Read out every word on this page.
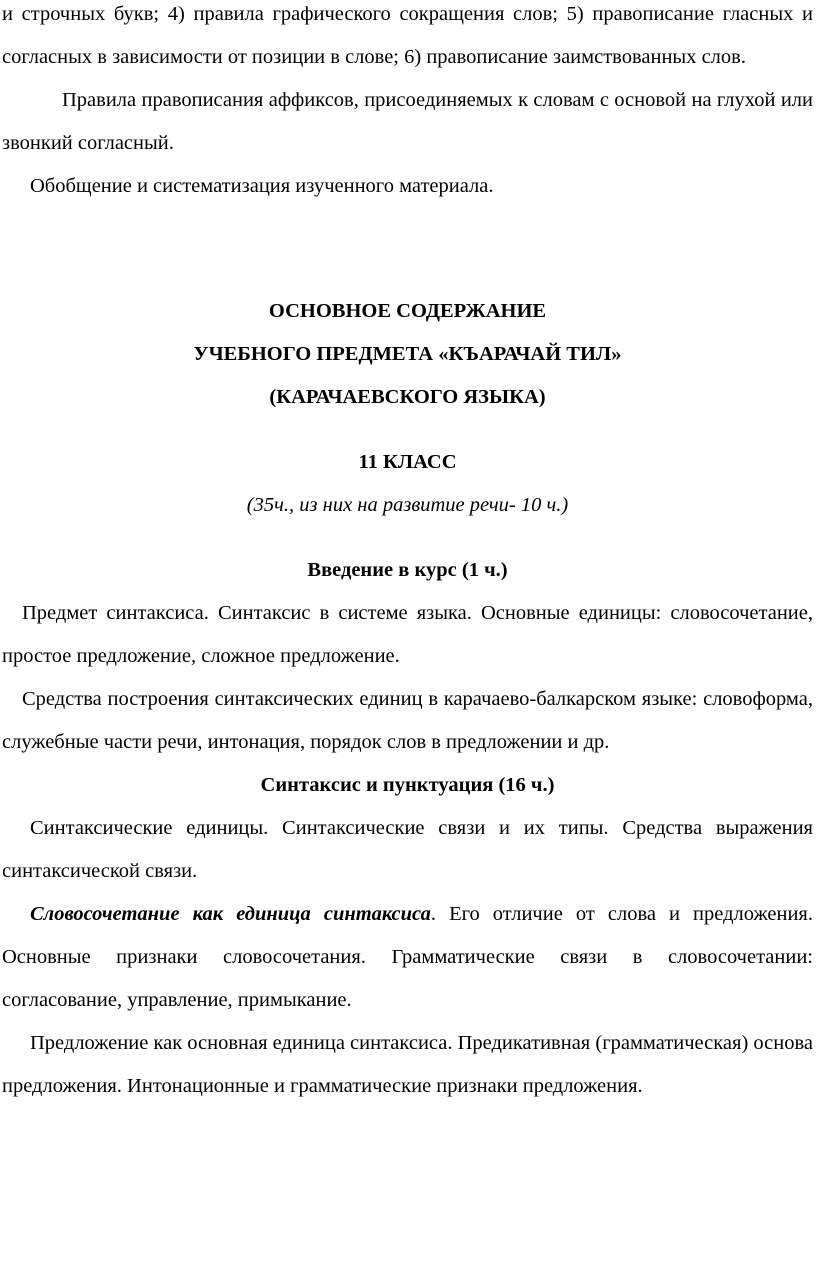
и строчных букв; 4) правила графического сокращения слов; 5) правописание гласных и согласных в зависимости от позиции в слове; 6) правописание заимствованных слов.

Правила правописания аффиксов, присоединяемых к словам с основой на глухой или звонкий согласный.

Обобщение и систематизация изученного материала.

ОСНОВНОЕ СОДЕРЖАНИЕ

УЧЕБНОГО ПРЕДМЕТА «КЪАРАЧАЙ ТИЛ»

(КАРАЧАЕВСКОГО ЯЗЫКА)

11 КЛАСС

(35ч., из них на развитие речи- 10 ч.)

Введение в курс (1 ч.)

Предмет синтаксиса. Синтаксис в системе языка. Основные единицы: словосочетание, простое предложение, сложное предложение.

Средства построения синтаксических единиц в карачаево-балкарском языке: словоформа, служебные части речи, интонация, порядок слов в предложении и др.

Синтаксис и пунктуация (16 ч.)

Синтаксические единицы. Синтаксические связи и их типы. Средства выражения синтаксической связи.

Словосочетание как единица синтаксиса. Его отличие от слова и предложения. Основные признаки словосочетания. Грамматические связи в словосочетании: согласование, управление, примыкание.

Предложение как основная единица синтаксиса. Предикативная (грамматическая) основа предложения. Интонационные и грамматические признаки предложения.
